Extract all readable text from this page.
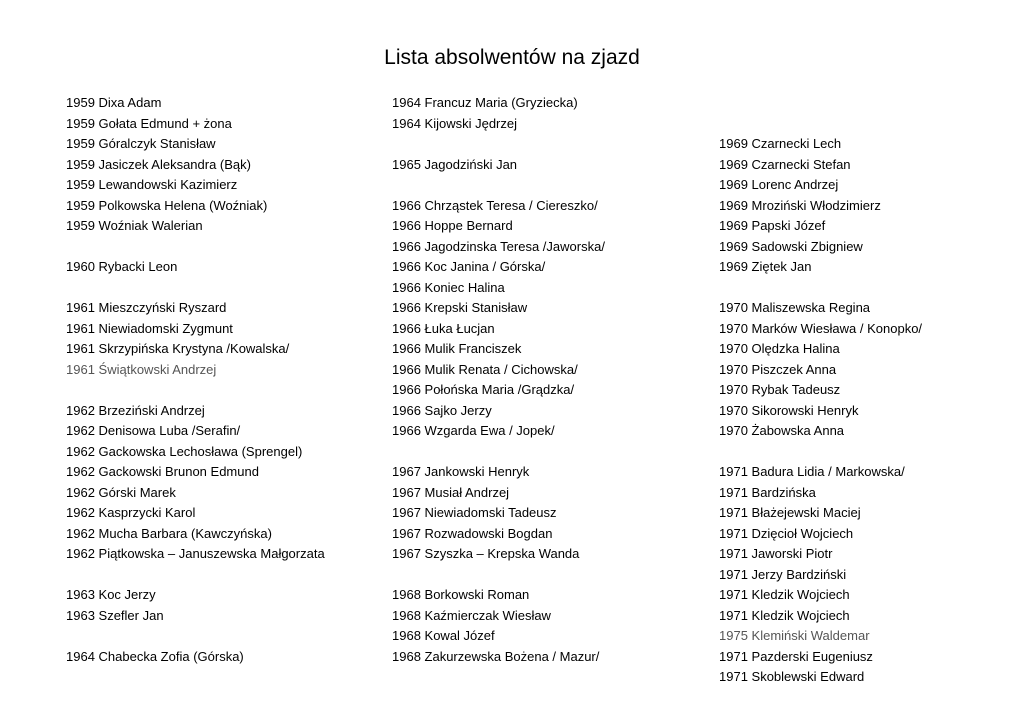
Lista absolwentów na zjazd
1959 Dixa Adam
1959 Gołata Edmund + żona
1959 Góralczyk Stanisław
1959 Jasiczek Aleksandra (Bąk)
1959 Lewandowski Kazimierz
1959 Polkowska Helena (Woźniak)
1959 Woźniak Walerian

1960 Rybacki Leon

1961 Mieszczyński Ryszard
1961 Niewiadomski Zygmunt
1961 Skrzypińska Krystyna /Kowalska/
1961 Świątkowski Andrzej

1962 Brzeziński Andrzej
1962 Denisowa Luba /Serafin/
1962 Gackowska Lechosława (Sprengel)
1962 Gackowski Brunon Edmund
1962 Górski Marek
1962 Kasprzycki Karol
1962 Mucha Barbara (Kawczyńska)
1962 Piątkowska – Januszewska Małgorzata

1963 Koc Jerzy
1963 Szefler Jan

1964 Chabecka Zofia (Górska)
1964 Francuz Maria (Gryziecka)
1964 Kijowski Jędrzej

1965 Jagodziński Jan

1966 Chrząstek Teresa / Ciereszko/
1966 Hoppe Bernard
1966 Jagodzinska Teresa /Jaworska/
1966 Koc Janina / Górska/
1966 Koniec Halina
1966 Krepski Stanisław
1966 Łuka Łucjan
1966 Mulik Franciszek
1966 Mulik Renata / Cichowska/
1966 Połońska Maria /Grądzka/
1966 Sajko Jerzy
1966 Wzgarda Ewa / Jopek/

1967 Jankowski Henryk
1967 Musiał Andrzej
1967 Niewiadomski Tadeusz
1967 Rozwadowski Bogdan
1967 Szyszka – Krepska Wanda

1968 Borkowski Roman
1968 Kaźmierczak Wiesław
1968 Kowal Józef
1968 Zakurzewska Bożena / Mazur/

1969 Czarnecki Lech
1969 Czarnecki Stefan
1969 Lorenc Andrzej
1969 Mroziński Włodzimierz
1969 Papski Józef
1969 Sadowski Zbigniew
1969 Ziętek Jan

1970 Maliszewska Regina
1970 Marków Wiesława / Konopko/
1970 Olędzka Halina
1970 Piszczek Anna
1970 Rybak Tadeusz
1970 Sikorowski Henryk
1970 Żabowska Anna

1971 Badura Lidia / Markowska/
1971 Bardzińska
1971 Błażejewski Maciej
1971 Dzięcioł Wojciech
1971 Jaworski Piotr
1971 Jerzy Bardziński
1971 Kledzik Wojciech
1971 Kledzik Wojciech
1975 Klemiński Waldemar
1971 Pazderski Eugeniusz
1971 Skoblewski Edward
